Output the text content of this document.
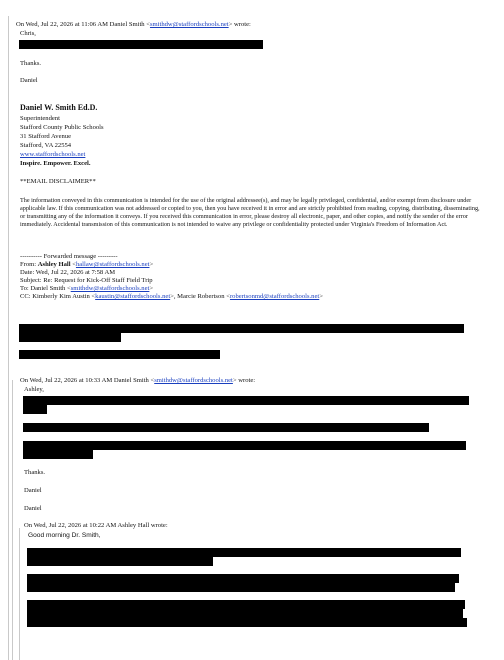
On Wed, Jul 22, 2026 at 11:06 AM Daniel Smith <smithdw@staffordschools.net> wrote:
Chris,
Thanks.
Daniel
Daniel W. Smith Ed.D.
Superintendent
Stafford County Public Schools
31 Stafford Avenue
Stafford, VA 22554
www.staffordschools.net
Inspire. Empower. Excel.
**EMAIL DISCLAIMER**
The information conveyed in this communication is intended for the use of the original addressee(s), and may be legally privileged, confidential, and/or exempt from disclosure under applicable law. If this communication was not addressed or copied to you, then you have received it in error and are strictly prohibited from reading, copying, distributing, disseminating, or transmitting any of the information it conveys. If you received this communication in error, please destroy all electronic, paper, and other copies, and notify the sender of the error immediately. Accidental transmission of this communication is not intended to waive any privilege or confidentiality protected under Virginia's Freedom of Information Act.
---------- Forwarded message ---------
From: Ashley Hall <hallaw@staffordschools.net>
Date: Wed, Jul 22, 2026 at 7:58 AM
Subject: Re: Request for Kick-Off Staff Field Trip
To: Daniel Smith <smithdw@staffordschools.net>
CC: Kimberly Kim Austin <kaustin@staffordschools.net>, Marcie Robertson <robertsonmd@staffordschools.net>
On Wed, Jul 22, 2026 at 10:33 AM Daniel Smith <smithdw@staffordschools.net> wrote:
Ashley,
Thanks.
Daniel
Daniel
On Wed, Jul 22, 2026 at 10:22 AM Ashley Hall wrote:
Good morning Dr. Smith,
